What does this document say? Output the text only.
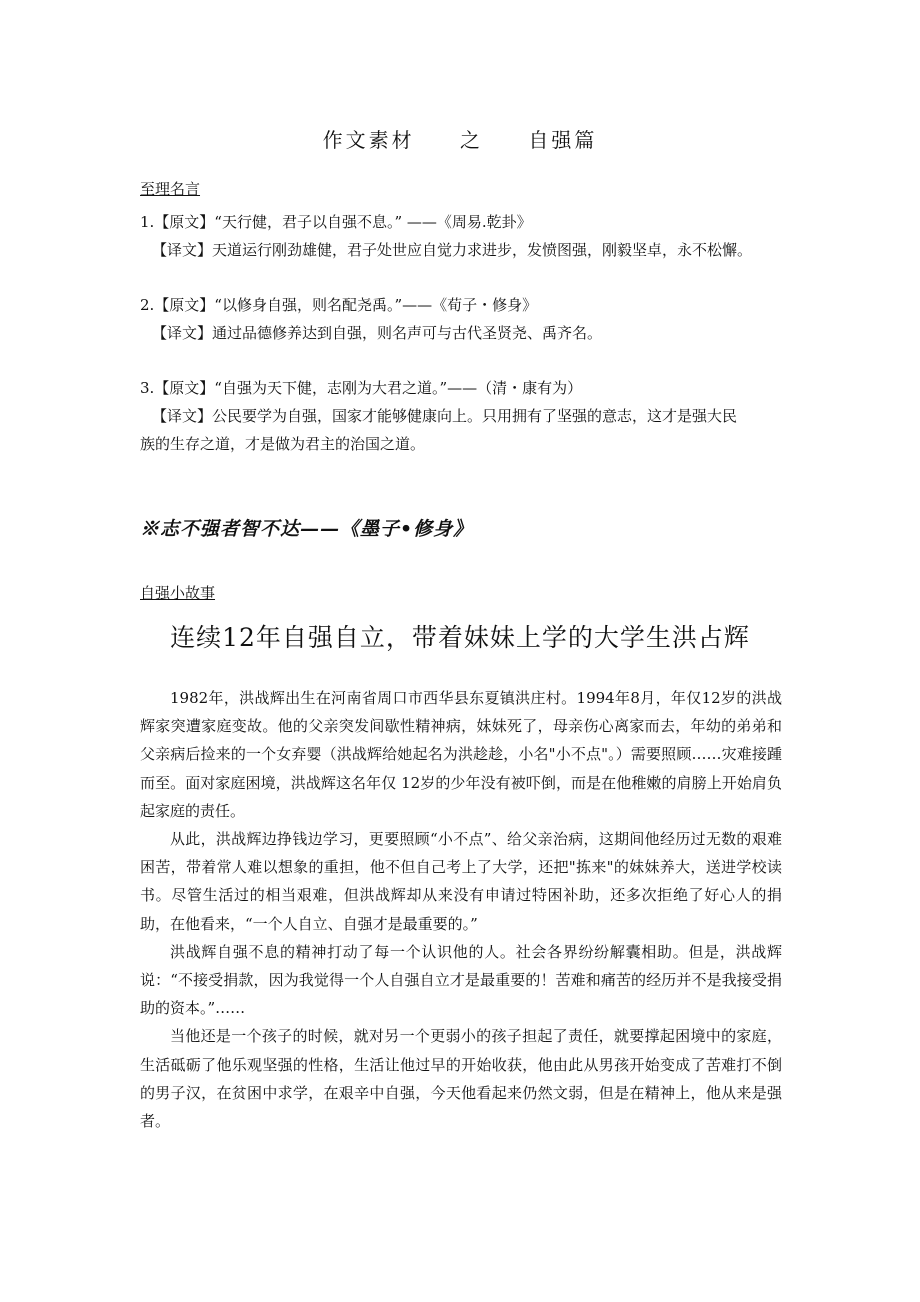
作文素材 之 自强篇
至理名言
1.【原文】“天行健，君子以自强不息。” ——《周易.乾卦》
【译文】天道运行刚劲雄健，君子处世应自觉力求进步，发愤图强，刚毅坚卓，永不松懈。
2.【原文】“以修身自强，则名配尧禹。”——《荀子・修身》
【译文】通过品德修养达到自强，则名声可与古代圣贤尧、禹齐名。
3.【原文】“自强为天下健，志刚为大君之道。”——（清・康有为）
【译文】公民要学为自强，国家才能够健康向上。只用拥有了坚强的意志，这才是强大民
族的生存之道，才是做为君主的治国之道。
※志不强者智不达——《墨子•修身》
自强小故事
连续12年自强自立，带着妹妹上学的大学生洪占辉

1982年，洪战辉出生在河南省周口市西华县东夏镇洪庄村。1994年8月，年仅12岁的洪战辉家突遭家庭变故。他的父亲突发间歇性精神病，妹妹死了，母亲伤心离家而去，年幼的弟弟和父亲病后捡来的一个女弃婴（洪战辉给她起名为洪趁趁，小名"小不点"。）需要照顾……灾难接踵而至。面对家庭困境，洪战辉这名年仅 12岁的少年没有被吓倒，而是在他稚嫩的肩膀上开始肩负起家庭的责任。

从此，洪战辉边挣钱边学习，更要照顾“小不点”、给父亲治病，这期间他经历过无数的艰难困苦，带着常人难以想象的重担，他不但自己考上了大学，还把"拣来"的妹妹养大，送进学校读书。尽管生活过的相当艰难，但洪战辉却从来没有申请过特困补助，还多次拒绝了好心人的捐助，在他看来，“一个人自立、自强才是最重要的。”

洪战辉自强不息的精神打动了每一个认识他的人。社会各界纷纷解囊相助。但是，洪战辉说：“不接受捐款，因为我觉得一个人自强自立才是最重要的！苦难和痛苦的经历并不是我接受捐助的资本。”……

当他还是一个孩子的时候，就对另一个更弱小的孩子担起了责任，就要撑起困境中的家庭，生活砥砺了他乐观坚强的性格，生活让他过早的开始收获，他由此从男孩开始变成了苦难打不倒的男子汉，在贫困中求学，在艰辛中自强，今天他看起来仍然文弱，但是在精神上，他从来是强者。
